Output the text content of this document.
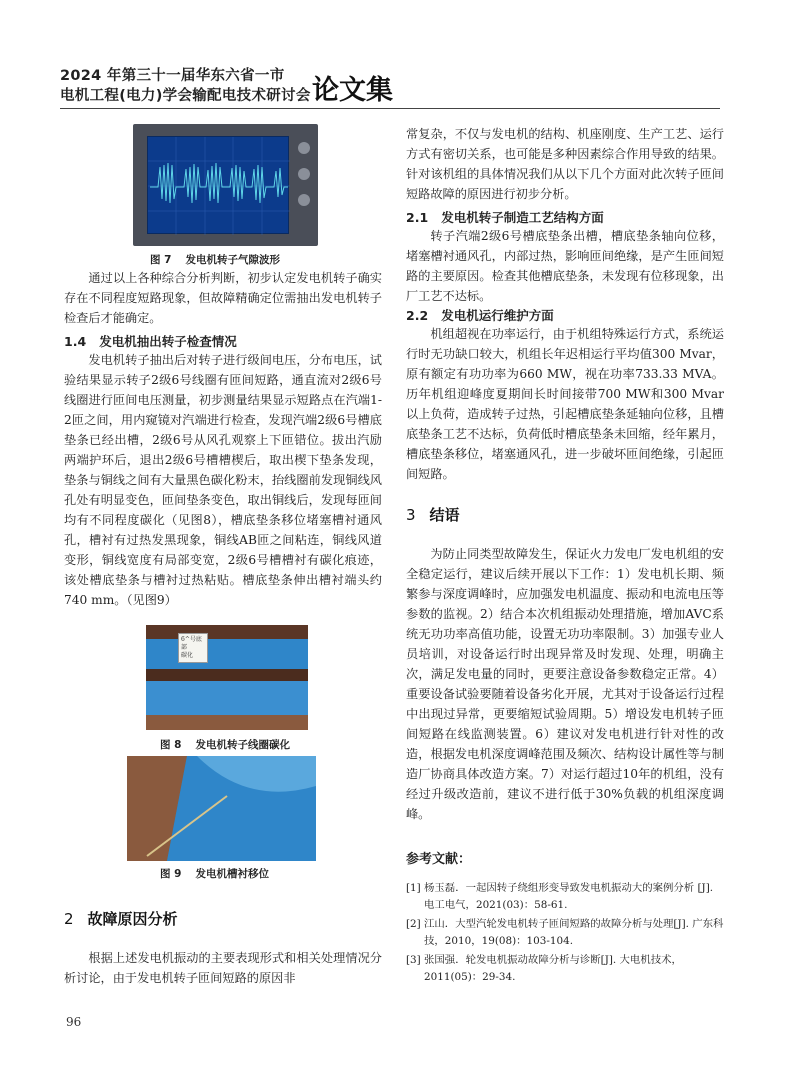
2024 年第三十一届华东六省一市
电机工程(电力)学会输配电技术研讨会 论文集
图 7 发电机转子气隙波形

通过以上各种综合分析判断，初步认定发电机转子确实存在不同程度短路现象，但故障精确定位需抽出发电机转子检查后才能确定。

1.4 发电机抽出转子检查情况

发电机转子抽出后对转子进行级间电压，分布电压，试验结果显示转子2级6号线圈有匝间短路，通直流对2级6号线圈进行匝间电压测量，初步测量结果显示短路点在汽端1-2匝之间，用内窥镜对汽端进行检查，发现汽端2级6号槽底垫条已经出槽，2级6号从风孔观察上下匝错位。拔出汽励两端护环后，退出2级6号槽槽楔后，取出楔下垫条发现，垫条与铜线之间有大量黑色碳化粉末，抬线圈前发现铜线风孔处有明显变色，匝间垫条变色，取出铜线后，发现每匝间均有不同程度碳化（见图8），槽底垫条移位堵塞槽衬通风孔，槽衬有过热发黑现象，铜线AB匝之间粘连，铜线风道变形，铜线宽度有局部变宽，2级6号槽槽衬有碳化痕迹，该处槽底垫条与槽衬过热粘贴。槽底垫条伸出槽衬端头约740 mm。（见图9）

6^号底部
碳化
图 8 发电机转子线圈碳化
图 9 发电机槽衬移位
2 故障原因分析

根据上述发电机振动的主要表现形式和相关处理情况分析讨论，由于发电机转子匝间短路的原因非

常复杂，不仅与发电机的结构、机座刚度、生产工艺、运行方式有密切关系，也可能是多种因素综合作用导致的结果。针对该机组的具体情况我们从以下几个方面对此次转子匝间短路故障的原因进行初步分析。

2.1 发电机转子制造工艺结构方面

转子汽端2级6号槽底垫条出槽，槽底垫条轴向位移，堵塞槽衬通风孔，内部过热，影响匝间绝缘，是产生匝间短路的主要原因。检查其他槽底垫条，未发现有位移现象，出厂工艺不达标。

2.2 发电机运行维护方面

机组超视在功率运行，由于机组特殊运行方式，系统运行时无功缺口较大，机组长年迟相运行平均值300 Mvar，原有额定有功功率为660 MW，视在功率733.33 MVA。历年机组迎峰度夏期间长时间接带700 MW和300 Mvar以上负荷，造成转子过热，引起槽底垫条延轴向位移，且槽底垫条工艺不达标，负荷低时槽底垫条未回缩，经年累月，槽底垫条移位，堵塞通风孔，进一步破坏匝间绝缘，引起匝间短路。

3 结语

为防止同类型故障发生，保证火力发电厂发电机组的安全稳定运行，建议后续开展以下工作：1）发电机长期、频繁参与深度调峰时，应加强发电机温度、振动和电流电压等参数的监视。2）结合本次机组振动处理措施，增加AVC系统无功功率高值功能，设置无功功率限制。3）加强专业人员培训，对设备运行时出现异常及时发现、处理，明确主次，满足发电量的同时，更要注意设备参数稳定正常。4）重要设备试验要随着设备劣化开展，尤其对于设备运行过程中出现过异常，更要缩短试验周期。5）增设发电机转子匝间短路在线监测装置。6）建议对发电机进行针对性的改造，根据发电机深度调峰范围及频次、结构设计属性等与制造厂协商具体改造方案。7）对运行超过10年的机组，没有经过升级改造前，建议不进行低于30%负载的机组深度调峰。

参考文献：
[1] 杨玉磊．一起因转子绕组形变导致发电机振动大的案例分析 [J]. 电工电气，2021(03)：58-61.
[2] 江山．大型汽轮发电机转子匝间短路的故障分析与处理[J]. 广东科技，2010，19(08)：103-104.
[3] 张国强．轮发电机振动故障分析与诊断[J]. 大电机技术，2011(05)：29-34.
96
